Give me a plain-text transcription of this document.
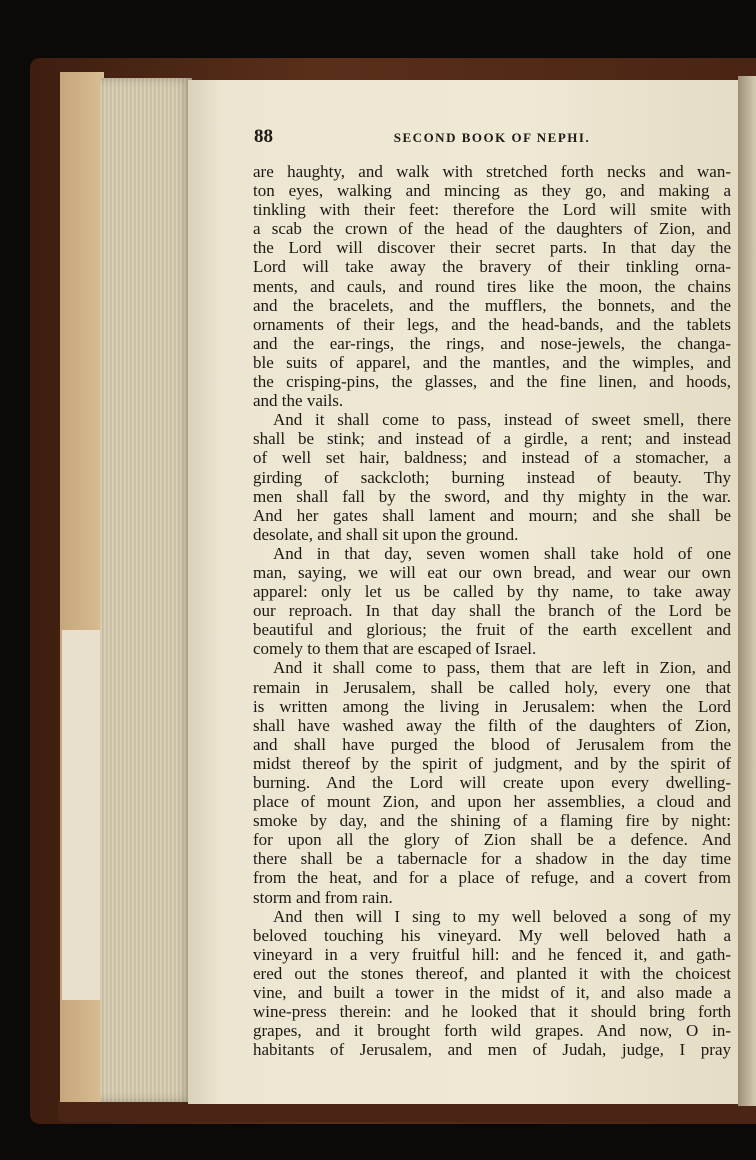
88	SECOND BOOK OF NEPHI.
are haughty, and walk with stretched forth necks and wan-
ton eyes, walking and mincing as they go, and making a
tinkling with their feet: therefore the Lord will smite with
a scab the crown of the head of the daughters of Zion, and
the Lord will discover their secret parts. In that day the
Lord will take away the bravery of their tinkling orna-
ments, and cauls, and round tires like the moon, the chains
and the bracelets, and the mufflers, the bonnets, and the
ornaments of their legs, and the head-bands, and the tablets
and the ear-rings, the rings, and nose-jewels, the changa-
ble suits of apparel, and the mantles, and the wimples, and
the crisping-pins, the glasses, and the fine linen, and hoods,
and the vails.
And it shall come to pass, instead of sweet smell, there
shall be stink; and instead of a girdle, a rent; and instead
of well set hair, baldness; and instead of a stomacher, a
girding of sackcloth; burning instead of beauty. Thy
men shall fall by the sword, and thy mighty in the war.
And her gates shall lament and mourn; and she shall be
desolate, and shall sit upon the ground.
And in that day, seven women shall take hold of one
man, saying, we will eat our own bread, and wear our own
apparel: only let us be called by thy name, to take away
our reproach. In that day shall the branch of the Lord be
beautiful and glorious; the fruit of the earth excellent and
comely to them that are escaped of Israel.
And it shall come to pass, them that are left in Zion, and
remain in Jerusalem, shall be called holy, every one that
is written among the living in Jerusalem: when the Lord
shall have washed away the filth of the daughters of Zion,
and shall have purged the blood of Jerusalem from the
midst thereof by the spirit of judgment, and by the spirit of
burning. And the Lord will create upon every dwelling-
place of mount Zion, and upon her assemblies, a cloud and
smoke by day, and the shining of a flaming fire by night:
for upon all the glory of Zion shall be a defence. And
there shall be a tabernacle for a shadow in the day time
from the heat, and for a place of refuge, and a covert from
storm and from rain.
And then will I sing to my well beloved a song of my
beloved touching his vineyard. My well beloved hath a
vineyard in a very fruitful hill: and he fenced it, and gath-
ered out the stones thereof, and planted it with the choicest
vine, and built a tower in the midst of it, and also made a
wine-press therein: and he looked that it should bring forth
grapes, and it brought forth wild grapes. And now, O in-
habitants of Jerusalem, and men of Judah, judge, I pray
